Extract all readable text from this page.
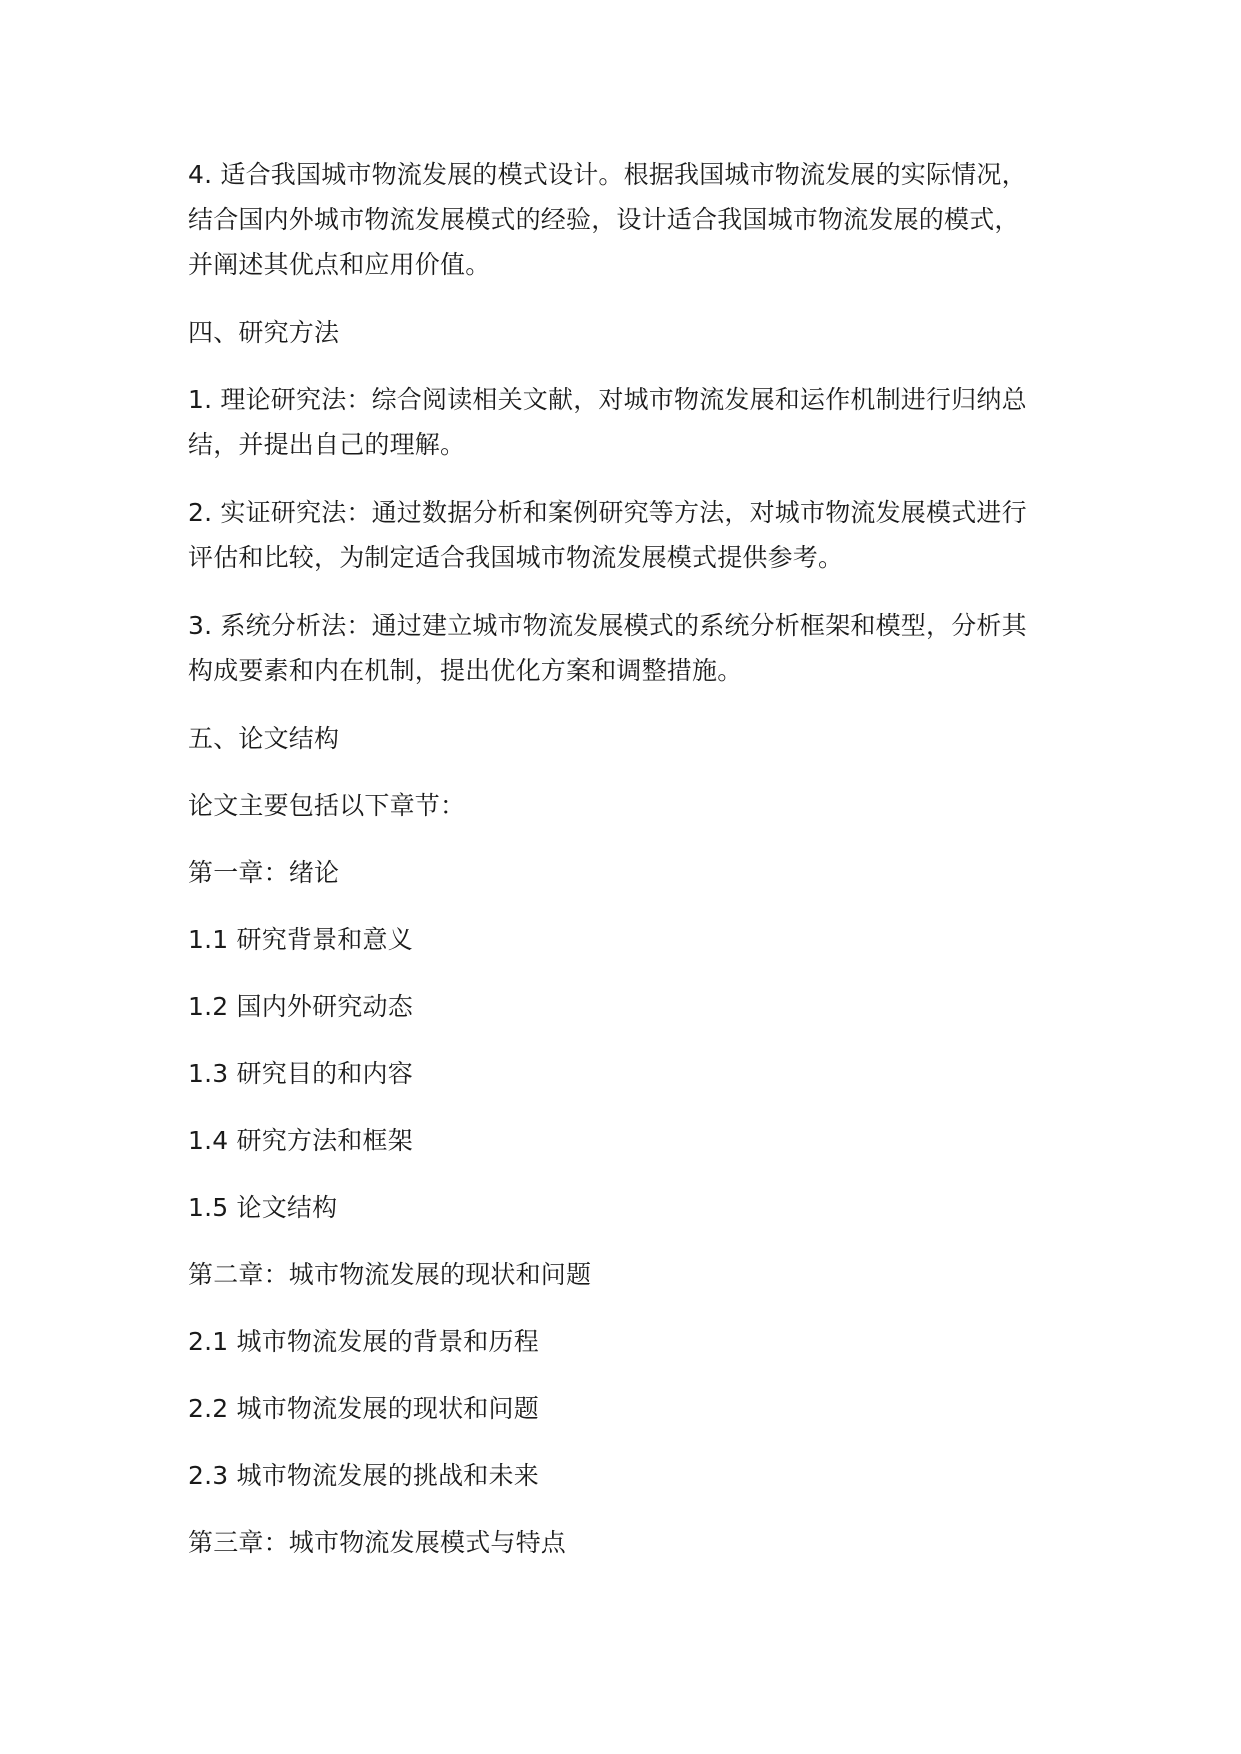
4. 适合我国城市物流发展的模式设计。根据我国城市物流发展的实际情况，结合国内外城市物流发展模式的经验，设计适合我国城市物流发展的模式，并阐述其优点和应用价值。

四、研究方法

1. 理论研究法：综合阅读相关文献，对城市物流发展和运作机制进行归纳总结，并提出自己的理解。

2. 实证研究法：通过数据分析和案例研究等方法，对城市物流发展模式进行评估和比较，为制定适合我国城市物流发展模式提供参考。

3. 系统分析法：通过建立城市物流发展模式的系统分析框架和模型，分析其构成要素和内在机制，提出优化方案和调整措施。

五、论文结构

论文主要包括以下章节：

第一章：绪论

1.1 研究背景和意义

1.2 国内外研究动态

1.3 研究目的和内容

1.4 研究方法和框架

1.5 论文结构

第二章：城市物流发展的现状和问题

2.1 城市物流发展的背景和历程

2.2 城市物流发展的现状和问题

2.3 城市物流发展的挑战和未来

第三章：城市物流发展模式与特点
